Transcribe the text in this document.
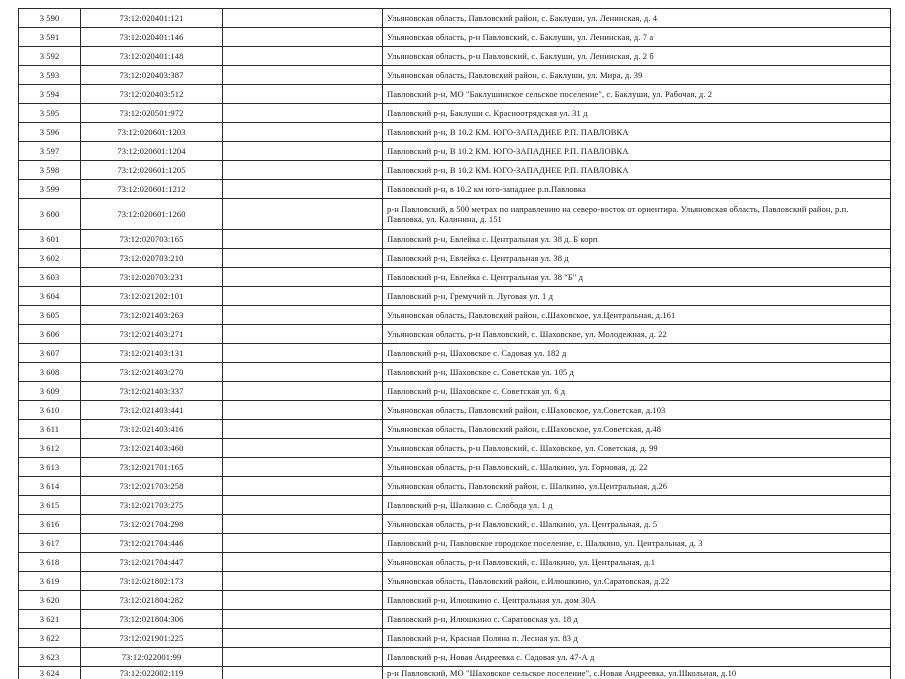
3 590	73:12:020401:121		Ульяновская область, Павловский район, с. Баклуши, ул. Ленинская, д. 4
3 591	73:12:020401:146		Ульяновская область, р-н Павловский, с. Баклуши, ул. Ленинская, д. 7 а
3 592	73:12:020401:148		Ульяновская область, р-н Павловский, с. Баклуши, ул. Ленинская, д. 2 б
3 593	73:12:020403:387		Ульяновская область, Павловский район, с. Баклуши, ул. Мира, д. 39
3 594	73:12:020403:512		Павловский р-н, МО "Баклушинское сельское поселение", с. Баклуши, ул. Рабочая, д. 2
3 595	73:12:020501:972		Павловский р-н, Баклуши с. Красноотрядская ул. 31 д
3 596	73:12:020601:1203		Павловский р-н, В 10.2 КМ. ЮГО-ЗАПАДНЕЕ Р.П. ПАВЛОВКА
3 597	73:12:020601:1204		Павловский р-н, В 10.2 КМ. ЮГО-ЗАПАДНЕЕ Р.П. ПАВЛОВКА
3 598	73:12:020601:1205		Павловский р-н, В 10.2 КМ. ЮГО-ЗАПАДНЕЕ Р.П. ПАВЛОВКА
3 599	73:12:020601:1212		Павловский р-н, в 10.2 км юго-западнее р.п.Павловка
3 600	73:12:020601:1260		р-н Павловский, в 500 метрах по направлению на северо-восток от ориентира. Ульяновская область, Павловский район, р.п. Павловка, ул. Калинина, д. 151
3 601	73:12:020703:165		Павловский р-н, Евлейка с. Центральная ул. 38 д. Б корп
3 602	73:12:020703:210		Павловский р-н, Евлейка с. Центральная ул. 38 д
3 603	73:12:020703:231		Павловский р-н, Евлейка с. Центральная ул. 38 "Б" д
3 604	73:12:021202:101		Павловский р-н, Гремучий п. Луговая ул. 1 д
3 605	73:12:021403:263		Ульяновская область, Павловский район, с.Шаховское, ул.Центральная, д.161
3 606	73:12:021403:271		Ульяновская область, р-н Павловский, с. Шаховское, ул. Молодежная, д. 22
3 607	73:12:021403:131		Павловский р-н, Шаховское с. Садовая ул. 182 д
3 608	73:12:021403:270		Павловский р-н, Шаховское с. Советская ул. 105 д
3 609	73:12:021403:337		Павловский р-н, Шаховское с. Советская ул. 6 д
3 610	73:12:021403:441		Ульяновская область, Павловский район, с.Шаховское, ул.Советская, д.103
3 611	73:12:021403:416		Ульяновская область, Павловский район, с.Шаховское, ул.Советская, д.48
3 612	73:12:021403:460		Ульяновская область, р-н Павловский, с. Шаховское, ул. Советская, д. 99
3 613	73:12:021701:165		Ульяновская область, р-н Павловский, с. Шалкино, ул. Горновая, д. 22
3 614	73:12:021703:258		Ульяновская область, Павловский район, с. Шалкино, ул.Центральная, д.26
3 615	73:12:021703:275		Павловский р-н, Шалкино с. Слобода ул. 1 д
3 616	73:12:021704:298		Ульяновская область, р-н Павловский, с. Шалкино, ул. Центральная, д. 5
3 617	73:12:021704:446		Павловский р-н, Павловское городское поселение, с. Шалкино, ул. Центральная, д. 3
3 618	73:12:021704:447		Ульяновская область, р-н Павловский, с. Шалкино, ул. Центральная, д.1
3 619	73:12:021802:173		Ульяновская область, Павловский район, с.Илюшкино, ул.Саратовская, д.22
3 620	73:12:021804:282		Павловский р-н, Илюшкино с. Центральная ул. дом 30А
3 621	73:12:021804:306		Павловский р-н, Илюшкино с. Саратовская ул. 18 д
3 622	73:12:021901:225		Павловский р-н, Красная Поляна п. Лесная ул. 83 д
3 623	73:12:022001:99		Павловский р-н, Новая Андреевка с. Садовая ул. 47-А д
3 624	73:12:022002:119		р-н Павловский, МО "Шаховское сельское поселение", с.Новая Андреевка, ул.Школьная, д.10
